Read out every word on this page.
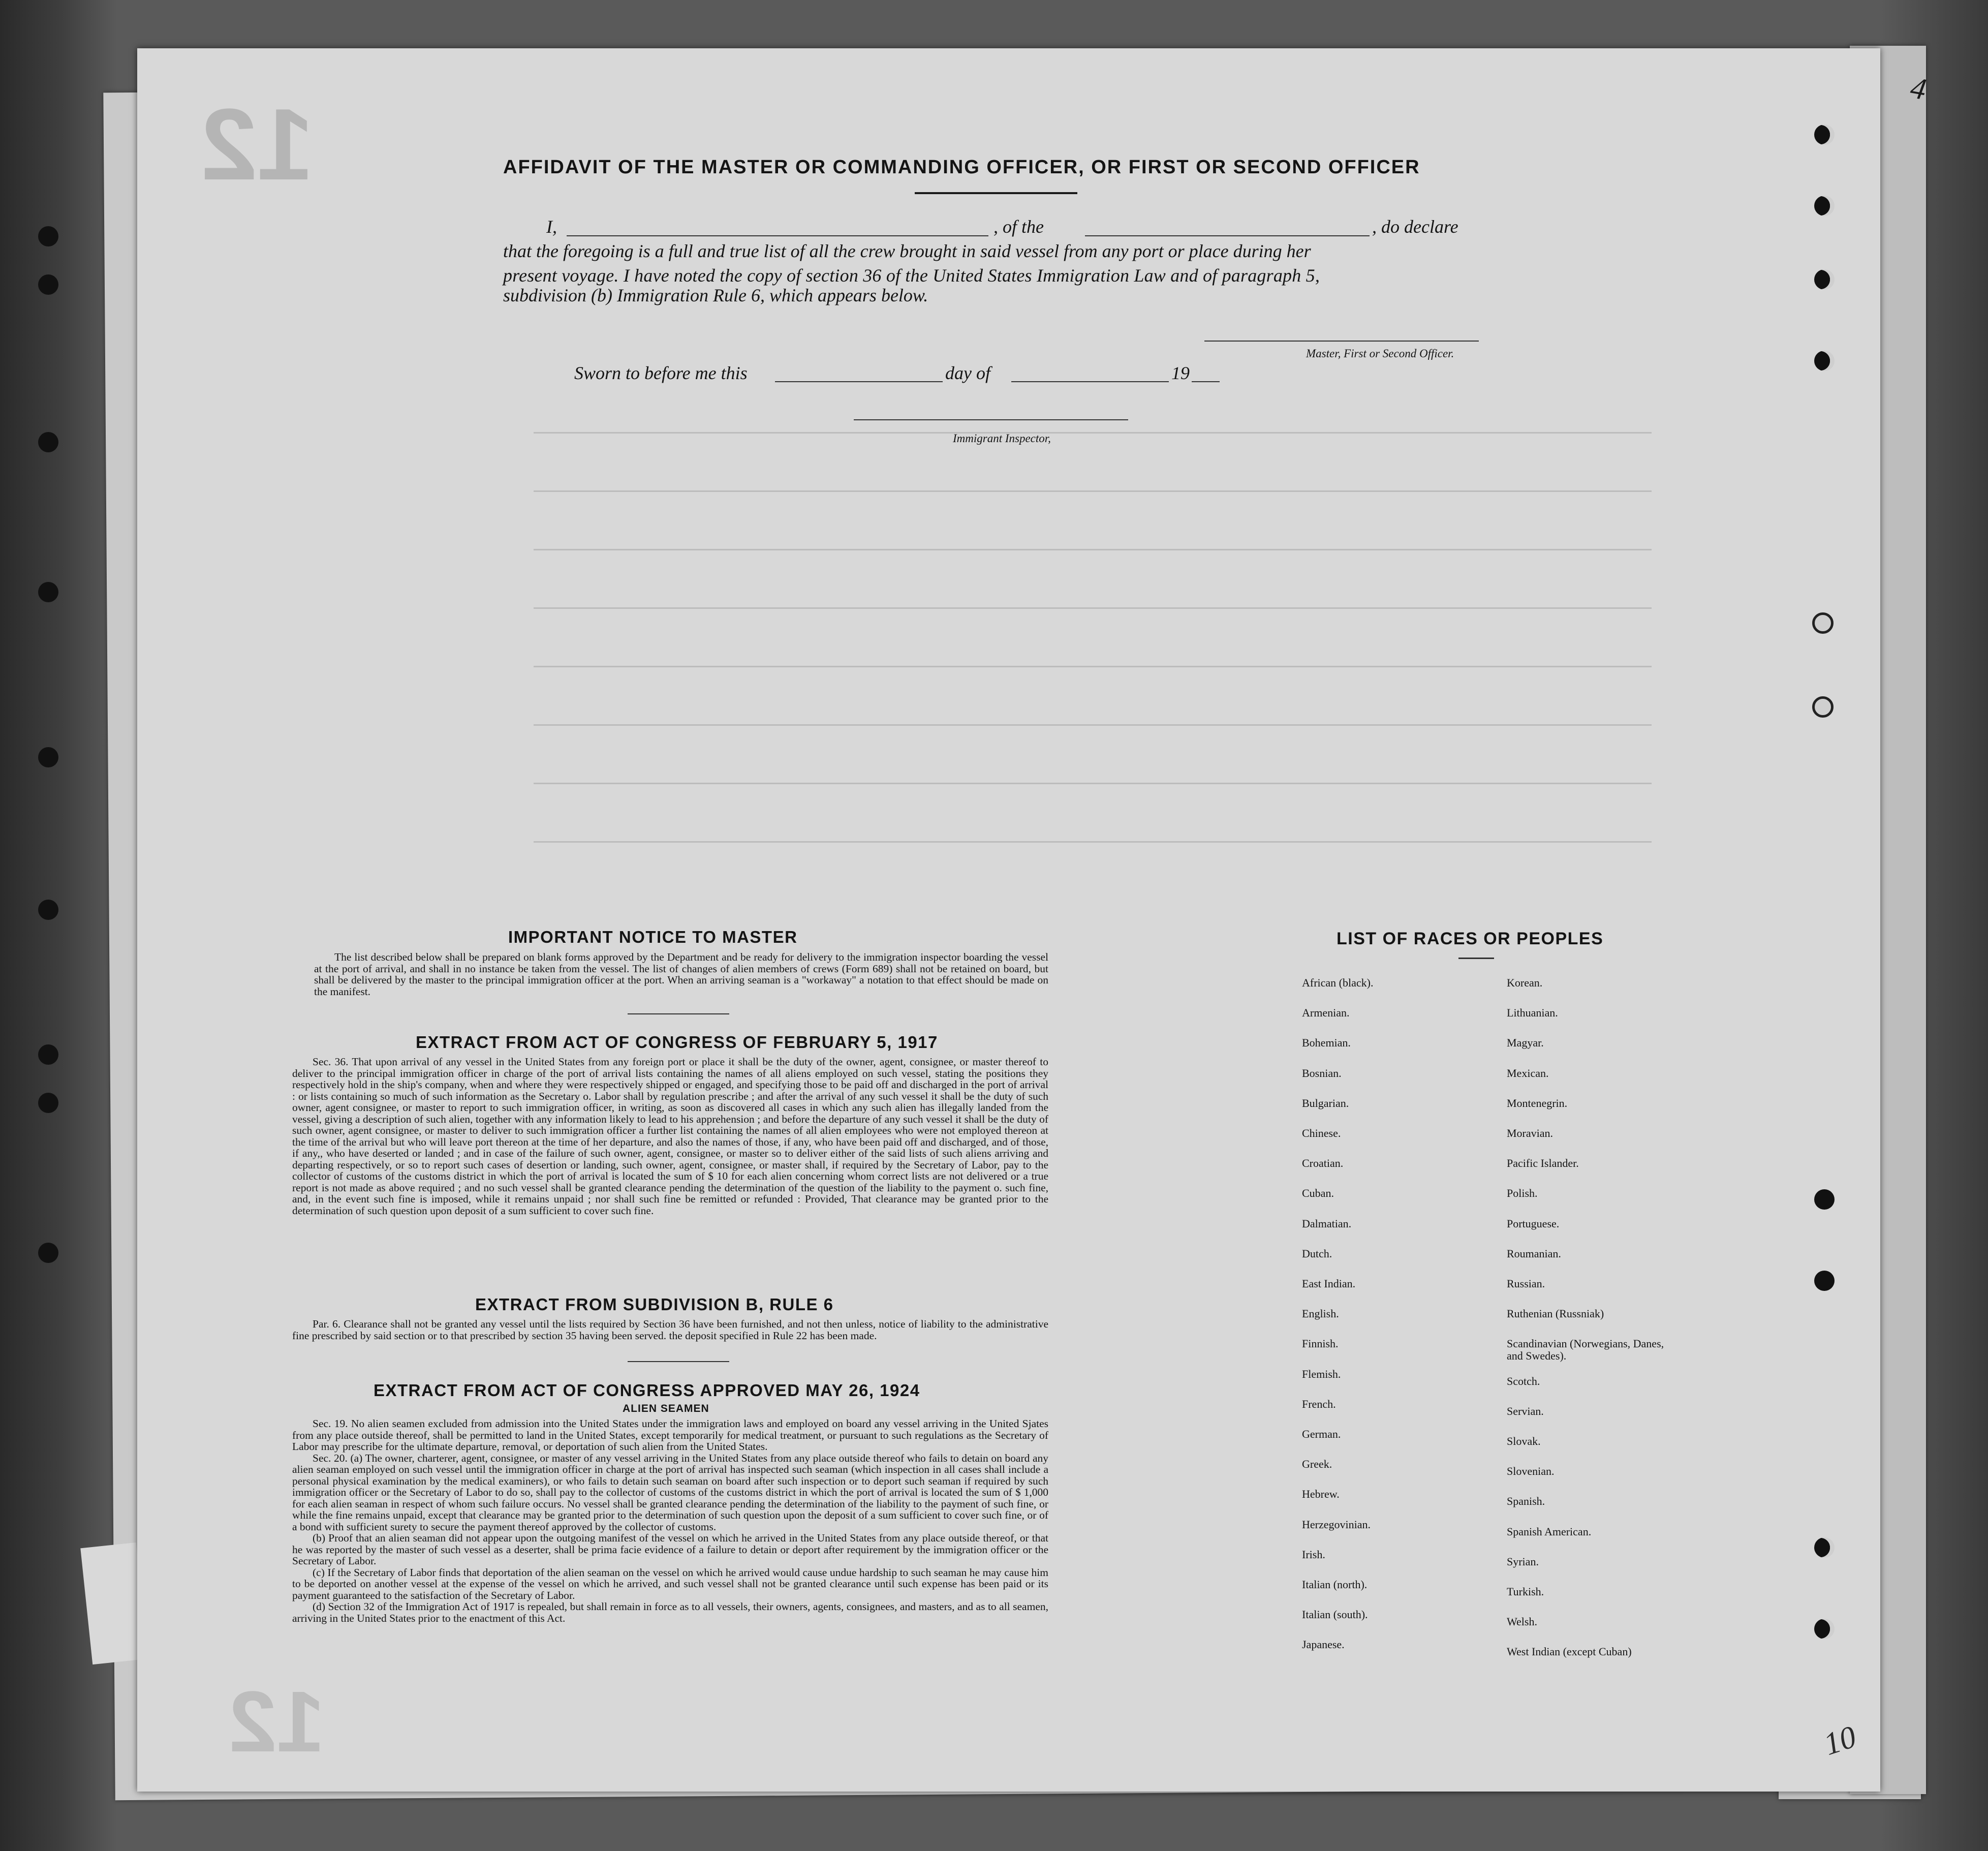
12
12
4
10
AFFIDAVIT OF THE MASTER OR COMMANDING OFFICER, OR FIRST OR SECOND OFFICER
I,	, of the	, do declare
that the foregoing is a full and true list of all the crew brought in said vessel from any port or place during her
present voyage. I have noted the copy of section 36 of the United States Immigration Law and of paragraph 5,
subdivision (b) Immigration Rule 6, which appears below.
Master, First or Second Officer.
Sworn to before me this	day of	19
Immigrant Inspector,
IMPORTANT NOTICE TO MASTER

The list described below shall be prepared on blank forms approved by the Department and be ready for delivery to the immigration inspector boarding the vessel at the port of arrival, and shall in no instance be taken from the vessel. The list of changes of alien members of crews (Form 689) shall not be retained on board, but shall be delivered by the master to the principal immigration officer at the port. When an arriving seaman is a "workaway" a notation to that effect should be made on the manifest.

EXTRACT FROM ACT OF CONGRESS OF FEBRUARY 5, 1917

Sec. 36. That upon arrival of any vessel in the United States from any foreign port or place it shall be the duty of the owner, agent, consignee, or master thereof to deliver to the principal immigration officer in charge of the port of arrival lists containing the names of all aliens employed on such vessel, stating the positions they respectively hold in the ship's company, when and where they were respectively shipped or engaged, and specifying those to be paid off and discharged in the port of arrival : or lists containing so much of such information as the Secretary o. Labor shall by regulation prescribe ; and after the arrival of any such vessel it shall be the duty of such owner, agent consignee, or master to report to such immigration officer, in writing, as soon as discovered all cases in which any such alien has illegally landed from the vessel, giving a description of such alien, together with any information likely to lead to his apprehension ; and before the departure of any such vessel it shall be the duty of such owner, agent consignee, or master to deliver to such immigration officer a further list containing the names of all alien employees who were not employed thereon at the time of the arrival but who will leave port thereon at the time of her departure, and also the names of those, if any, who have been paid off and discharged, and of those, if any,, who have deserted or landed ; and in case of the failure of such owner, agent, consignee, or master so to deliver either of the said lists of such aliens arriving and departing respectively, or so to report such cases of desertion or landing, such owner, agent, consignee, or master shall, if required by the Secretary of Labor, pay to the collector of customs of the customs district in which the port of arrival is located the sum of $ 10 for each alien concerning whom correct lists are not delivered or a true report is not made as above required ; and no such vessel shall be granted clearance pending the determination of the question of the liability to the payment o. such fine, and, in the event such fine is imposed, while it remains unpaid ; nor shall such fine be remitted or refunded : Provided, That clearance may be granted prior to the determination of such question upon deposit of a sum sufficient to cover such fine.

EXTRACT FROM SUBDIVISION B, RULE 6

Par. 6. Clearance shall not be granted any vessel until the lists required by Section 36 have been furnished, and not then unless, notice of liability to the administrative fine prescribed by said section or to that prescribed by section 35 having been served. the deposit specified in Rule 22 has been made.

EXTRACT FROM ACT OF CONGRESS APPROVED MAY 26, 1924
ALIEN SEAMEN

Sec. 19. No alien seamen excluded from admission into the United States under the immigration laws and employed on board any vessel arriving in the United Sjates from any place outside thereof, shall be permitted to land in the United States, except temporarily for medical treatment, or pursuant to such regulations as the Secretary of Labor may prescribe for the ultimate departure, removal, or deportation of such alien from the United States.

Sec. 20. (a) The owner, charterer, agent, consignee, or master of any vessel arriving in the United States from any place outside thereof who fails to detain on board any alien seaman employed on such vessel until the immigration officer in charge at the port of arrival has inspected such seaman (which inspection in all cases shall include a personal physical examination by the medical examiners), or who fails to detain such seaman on board after such inspection or to deport such seaman if required by such immigration officer or the Secretary of Labor to do so, shall pay to the collector of customs of the customs district in which the port of arrival is located the sum of $ 1,000 for each alien seaman in respect of whom such failure occurs. No vessel shall be granted clearance pending the determination of the liability to the payment of such fine, or while the fine remains unpaid, except that clearance may be granted prior to the determination of such question upon the deposit of a sum sufficient to cover such fine, or of a bond with sufficient surety to secure the payment thereof approved by the collector of customs.

(b) Proof that an alien seaman did not appear upon the outgoing manifest of the vessel on which he arrived in the United States from any place outside thereof, or that he was reported by the master of such vessel as a deserter, shall be prima facie evidence of a failure to detain or deport after requirement by the immigration officer or the Secretary of Labor.

(c) If the Secretary of Labor finds that deportation of the alien seaman on the vessel on which he arrived would cause undue hardship to such seaman he may cause him to be deported on another vessel at the expense of the vessel on which he arrived, and such vessel shall not be granted clearance until such expense has been paid or its payment guaranteed to the satisfaction of the Secretary of Labor.

(d) Section 32 of the Immigration Act of 1917 is repealed, but shall remain in force as to all vessels, their owners, agents, consignees, and masters, and as to all seamen, arriving in the United States prior to the enactment of this Act.

LIST OF RACES OR PEOPLES
African (black).
Armenian.
Bohemian.
Bosnian.
Bulgarian.
Chinese.
Croatian.
Cuban.
Dalmatian.
Dutch.
East Indian.
English.
Finnish.
Flemish.
French.
German.
Greek.
Hebrew.
Herzegovinian.
Irish.
Italian (north).
Italian (south).
Japanese.
Korean.
Lithuanian.
Magyar.
Mexican.
Montenegrin.
Moravian.
Pacific Islander.
Polish.
Portuguese.
Roumanian.
Russian.
Ruthenian (Russniak)
Scandinavian (Norwegians, Danes, and Swedes).
Scotch.
Servian.
Slovak.
Slovenian.
Spanish.
Spanish American.
Syrian.
Turkish.
Welsh.
West Indian (except Cuban)
